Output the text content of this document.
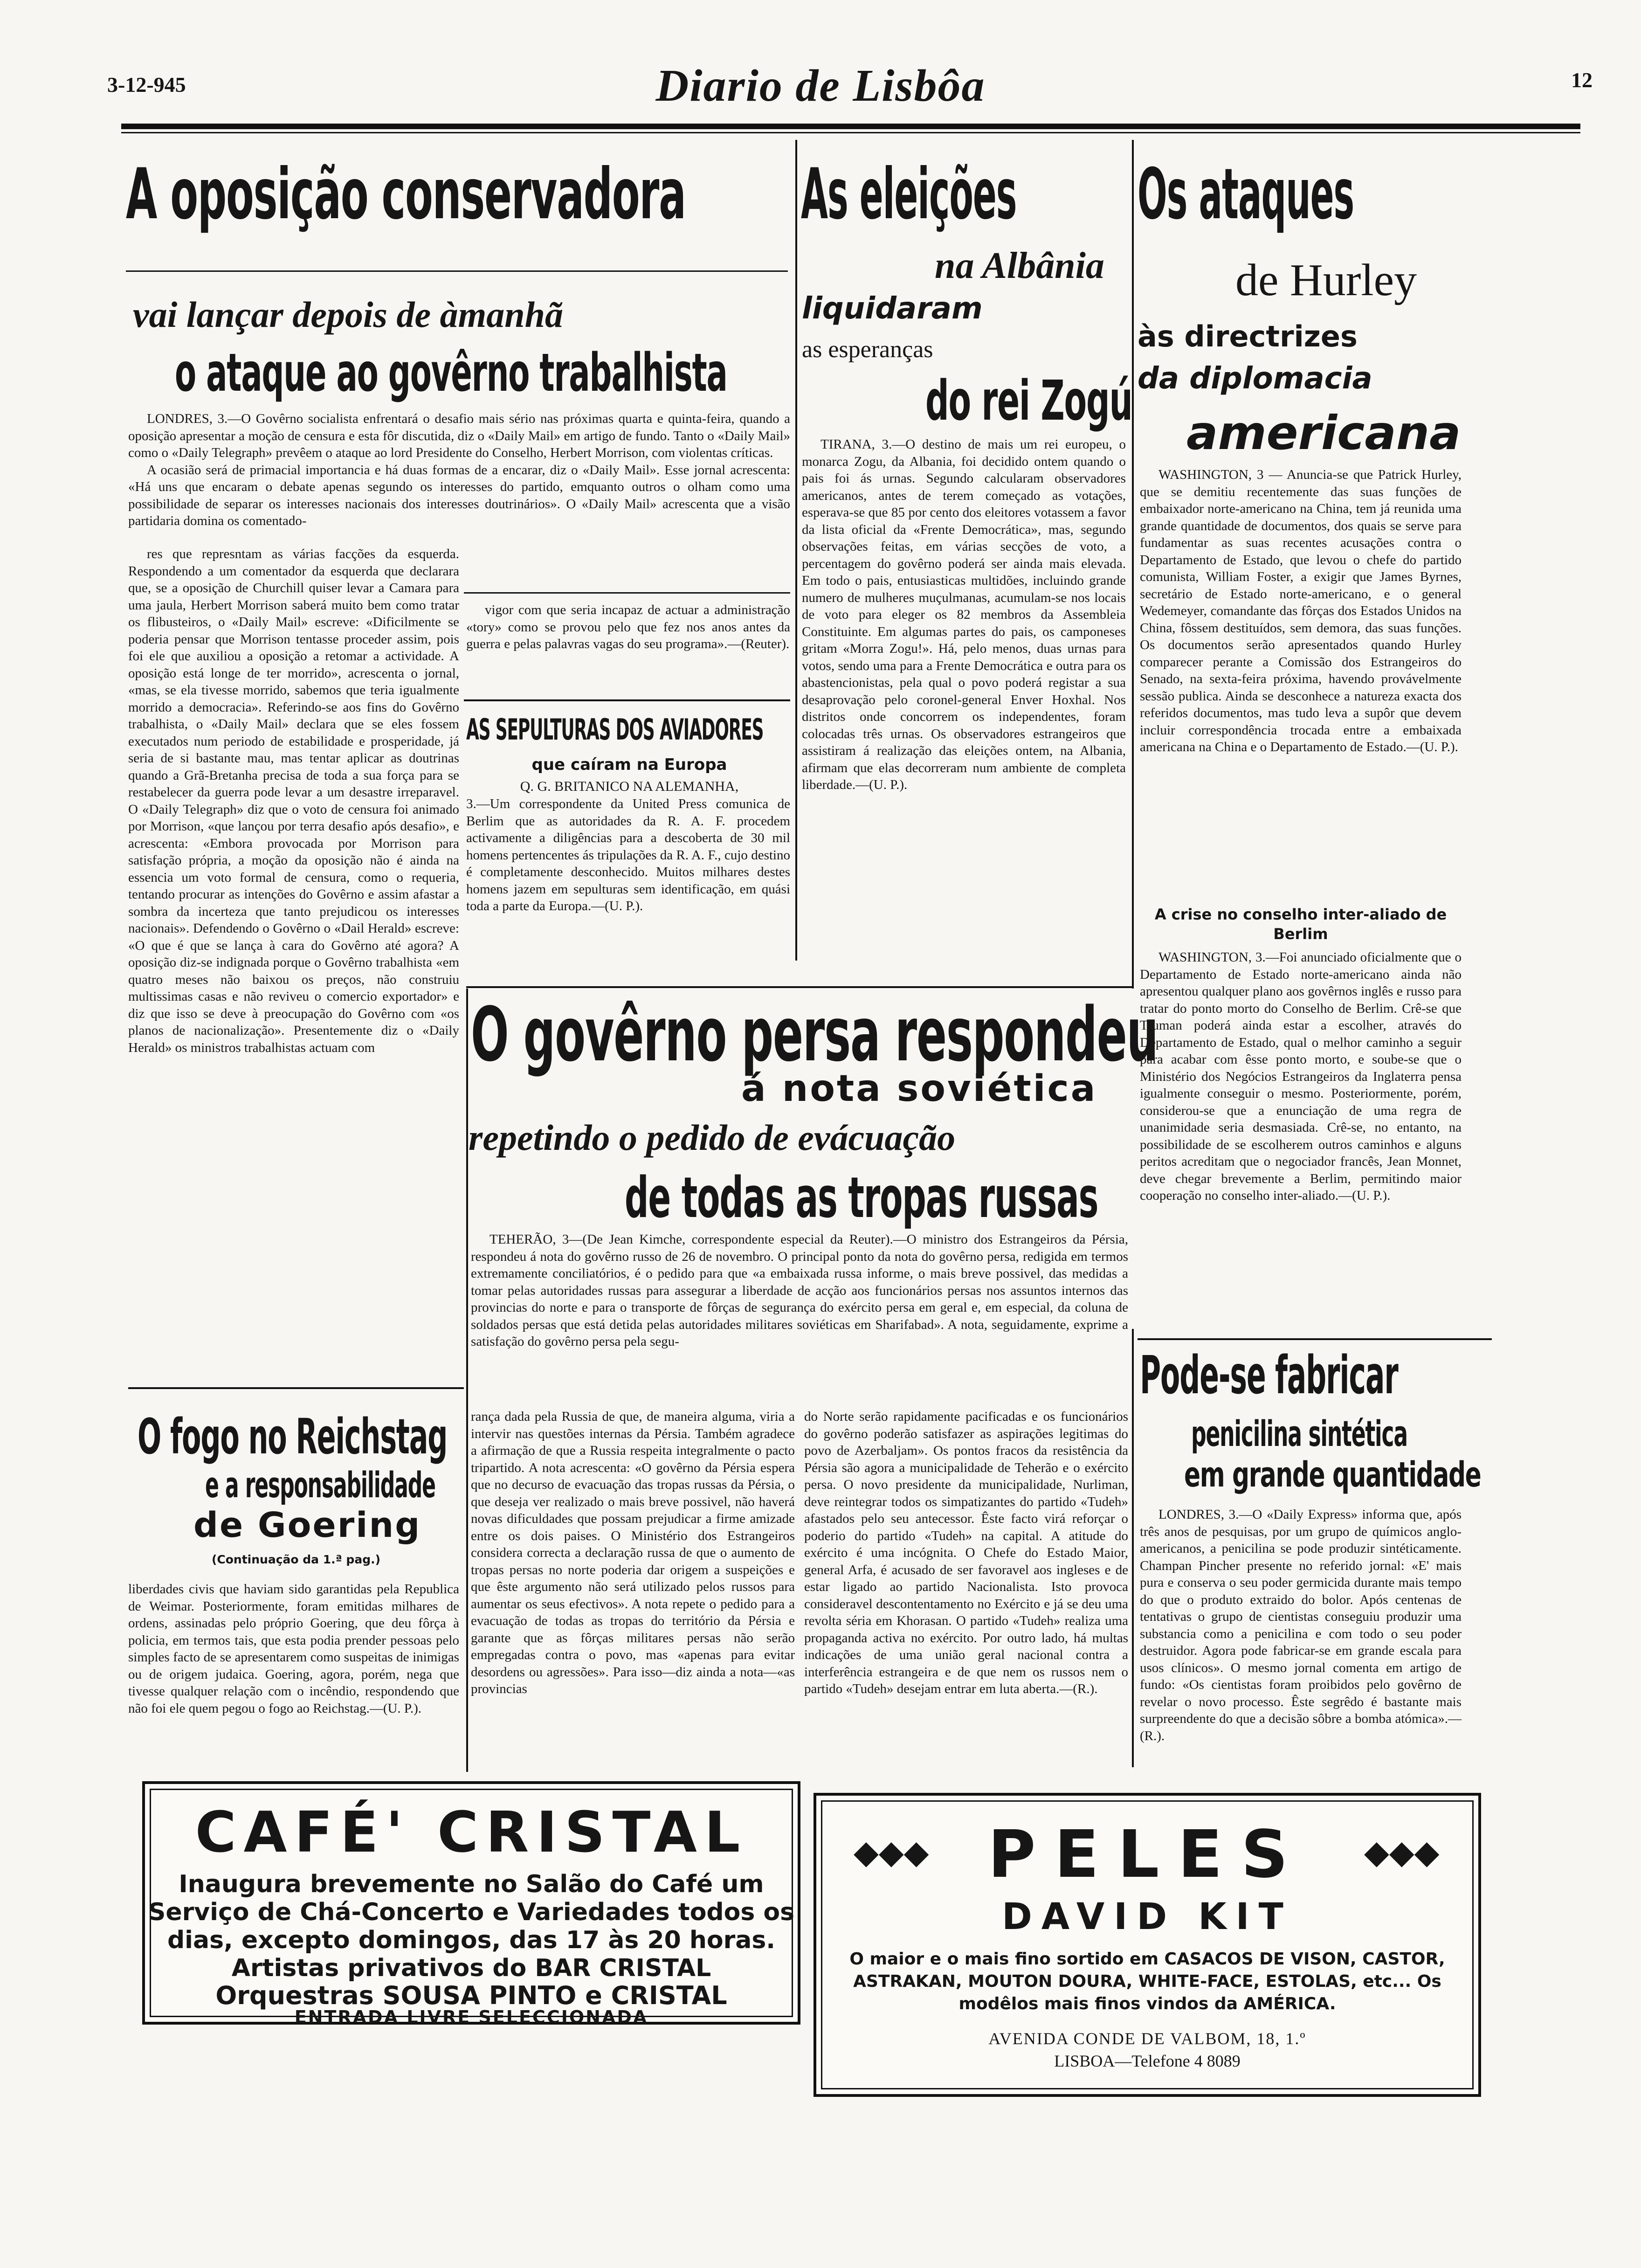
3-12-945	Diario de Lisbôa	12
A oposição conservadora
vai lançar depois de àmanhã
o ataque ao govêrno trabalhista

LONDRES, 3.—O Govêrno socialista enfrentará o desafio mais sério nas próximas quarta e quinta-feira, quando a oposição apresentar a moção de censura e esta fôr discutida, diz o «Daily Mail» em artigo de fundo. Tanto o «Daily Mail» como o «Daily Telegraph» prevêem o ataque ao lord Presidente do Conselho, Herbert Morrison, com violentas críticas.

A ocasião será de primacial importancia e há duas formas de a encarar, diz o «Daily Mail». Esse jornal acrescenta: «Há uns que encaram o debate apenas segundo os interesses do partido, emquanto outros o olham como uma possibilidade de separar os interesses nacionais dos interesses doutrinários». O «Daily Mail» acrescenta que a visão partidaria domina os comentado-

res que represntam as várias facções da esquerda. Respondendo a um comentador da esquerda que declarara que, se a oposição de Churchill quiser levar a Camara para uma jaula, Herbert Morrison saberá muito bem como tratar os flibusteiros, o «Daily Mail» escreve: «Dificilmente se poderia pensar que Morrison tentasse proceder assim, pois foi ele que auxiliou a oposição a retomar a actividade. A oposição está longe de ter morrido», acrescenta o jornal, «mas, se ela tivesse morrido, sabemos que teria igualmente morrido a democracia». Referindo-se aos fins do Govêrno trabalhista, o «Daily Mail» declara que se eles fossem executados num periodo de estabilidade e prosperidade, já seria de si bastante mau, mas tentar aplicar as doutrinas quando a Grã-Bretanha precisa de toda a sua força para se restabelecer da guerra pode levar a um desastre irreparavel. O «Daily Telegraph» diz que o voto de censura foi animado por Morrison, «que lançou por terra desafio após desafio», e acrescenta: «Embora provocada por Morrison para satisfação própria, a moção da oposição não é ainda na essencia um voto formal de censura, como o requeria, tentando procurar as intenções do Govêrno e assim afastar a sombra da incerteza que tanto prejudicou os interesses nacionais». Defendendo o Govêrno o «Dail Herald» escreve: «O que é que se lança à cara do Govêrno até agora? A oposição diz-se indignada porque o Govêrno trabalhista «em quatro meses não baixou os preços, não construiu multissimas casas e não reviveu o comercio exportador» e diz que isso se deve à preocupação do Govêrno com «os planos de nacionalização». Presentemente diz o «Daily Herald» os ministros trabalhistas actuam com

vigor com que seria incapaz de actuar a administração «tory» como se provou pelo que fez nos anos antes da guerra e pelas palavras vagas do seu programa».—(Reuter).

AS SEPULTURAS DOS AVIADORES
que caíram na Europa
Q. G. BRITANICO NA ALEMANHA,

3.—Um correspondente da United Press comunica de Berlim que as autoridades da R. A. F. procedem activamente a diligências para a descoberta de 30 mil homens pertencentes ás tripulações da R. A. F., cujo destino é completamente desconhecido. Muitos milhares destes homens jazem em sepulturas sem identificação, em quási toda a parte da Europa.—(U. P.).

O fogo no Reichstag
e a responsabilidade
de Goering
(Continuação da 1.ª pag.)

liberdades civis que haviam sido garantidas pela Republica de Weimar. Posteriormente, foram emitidas milhares de ordens, assinadas pelo próprio Goering, que deu fôrça à policia, em termos tais, que esta podia prender pessoas pelo simples facto de se apresentarem como suspeitas de inimigas ou de origem judaica. Goering, agora, porém, nega que tivesse qualquer relação com o incêndio, respondendo que não foi ele quem pegou o fogo ao Reichstag.—(U. P.).

As eleições
na Albânia
liquidaram
as esperanças
do rei Zogú

TIRANA, 3.—O destino de mais um rei europeu, o monarca Zogu, da Albania, foi decidido ontem quando o pais foi ás urnas. Segundo calcularam observadores americanos, antes de terem começado as votações, esperava-se que 85 por cento dos eleitores votassem a favor da lista oficial da «Frente Democrática», mas, segundo observações feitas, em várias secções de voto, a percentagem do govêrno poderá ser ainda mais elevada. Em todo o pais, entusiasticas multidões, incluindo grande numero de mulheres muçulmanas, acumulam-se nos locais de voto para eleger os 82 membros da Assembleia Constituinte. Em algumas partes do pais, os camponeses gritam «Morra Zogu!». Há, pelo menos, duas urnas para votos, sendo uma para a Frente Democrática e outra para os abastencionistas, pela qual o povo poderá registar a sua desaprovação pelo coronel-general Enver Hoxhal. Nos distritos onde concorrem os independentes, foram colocadas três urnas. Os observadores estrangeiros que assistiram á realização das eleições ontem, na Albania, afirmam que elas decorreram num ambiente de completa liberdade.—(U. P.).

Os ataques
de Hurley
às directrizes
da diplomacia
americana

WASHINGTON, 3 — Anuncia-se que Patrick Hurley, que se demitiu recentemente das suas funções de embaixador norte-americano na China, tem já reunida uma grande quantidade de documentos, dos quais se serve para fundamentar as suas recentes acusações contra o Departamento de Estado, que levou o chefe do partido comunista, William Foster, a exigir que James Byrnes, secretário de Estado norte-americano, e o general Wedemeyer, comandante das fôrças dos Estados Unidos na China, fôssem destituídos, sem demora, das suas funções. Os documentos serão apresentados quando Hurley comparecer perante a Comissão dos Estrangeiros do Senado, na sexta-feira próxima, havendo provávelmente sessão publica. Ainda se desconhece a natureza exacta dos referidos documentos, mas tudo leva a supôr que devem incluir correspondência trocada entre a embaixada americana na China e o Departamento de Estado.—(U. P.).

A crise no conselho inter-aliado de Berlim

WASHINGTON, 3.—Foi anunciado oficialmente que o Departamento de Estado norte-americano ainda não apresentou qualquer plano aos govêrnos inglês e russo para tratar do ponto morto do Conselho de Berlim. Crê-se que Truman poderá ainda estar a escolher, através do Departamento de Estado, qual o melhor caminho a seguir para acabar com êsse ponto morto, e soube-se que o Ministério dos Negócios Estrangeiros da Inglaterra pensa igualmente conseguir o mesmo. Posteriormente, porém, considerou-se que a enunciação de uma regra de unanimidade seria desmasiada. Crê-se, no entanto, na possibilidade de se escolherem outros caminhos e alguns peritos acreditam que o negociador francês, Jean Monnet, deve chegar brevemente a Berlim, permitindo maior cooperação no conselho inter-aliado.—(U. P.).

O govêrno persa respondeu
á nota soviética
repetindo o pedido de evácuação
de todas as tropas russas

TEHERÃO, 3—(De Jean Kimche, correspondente especial da Reuter).—O ministro dos Estrangeiros da Pérsia, respondeu á nota do govêrno russo de 26 de novembro. O principal ponto da nota do govêrno persa, redigida em termos extremamente conciliatórios, é o pedido para que «a embaixada russa informe, o mais breve possivel, das medidas a tomar pelas autoridades russas para assegurar a liberdade de acção aos funcionários persas nos assuntos internos das provincias do norte e para o transporte de fôrças de segurança do exército persa em geral e, em especial, da coluna de soldados persas que está detida pelas autoridades militares soviéticas em Sharifabad». A nota, seguidamente, exprime a satisfação do govêrno persa pela segu-

rança dada pela Russia de que, de maneira alguma, viria a intervir nas questões internas da Pérsia. Também agradece a afirmação de que a Russia respeita integralmente o pacto tripartido. A nota acrescenta: «O govêrno da Pérsia espera que no decurso de evacuação das tropas russas da Pérsia, o que deseja ver realizado o mais breve possivel, não haverá novas dificuldades que possam prejudicar a firme amizade entre os dois paises. O Ministério dos Estrangeiros considera correcta a declaração russa de que o aumento de tropas persas no norte poderia dar origem a suspeições e que êste argumento não será utilizado pelos russos para aumentar os seus efectivos». A nota repete o pedido para a evacuação de todas as tropas do território da Pérsia e garante que as fôrças militares persas não serão empregadas contra o povo, mas «apenas para evitar desordens ou agressões». Para isso—diz ainda a nota—«as provincias

do Norte serão rapidamente pacificadas e os funcionários do govêrno poderão satisfazer as aspirações legitimas do povo de Azerbaljam». Os pontos fracos da resistência da Pérsia são agora a municipalidade de Teherão e o exército persa. O novo presidente da municipalidade, Nurliman, deve reintegrar todos os simpatizantes do partido «Tudeh» afastados pelo seu antecessor. Êste facto virá reforçar o poderio do partido «Tudeh» na capital. A atitude do exército é uma incógnita. O Chefe do Estado Maior, general Arfa, é acusado de ser favoravel aos ingleses e de estar ligado ao partido Nacionalista. Isto provoca consideravel descontentamento no Exército e já se deu uma revolta séria em Khorasan. O partido «Tudeh» realiza uma propaganda activa no exército. Por outro lado, há multas indicações de uma união geral nacional contra a interferência estrangeira e de que nem os russos nem o partido «Tudeh» desejam entrar em luta aberta.—(R.).

Pode-se fabricar
penicilina sintética
em grande quantidade

LONDRES, 3.—O «Daily Express» informa que, após três anos de pesquisas, por um grupo de químicos anglo-americanos, a penicilina se pode produzir sintéticamente. Champan Pincher presente no referido jornal: «E' mais pura e conserva o seu poder germicida durante mais tempo do que o produto extraido do bolor. Após centenas de tentativas o grupo de cientistas conseguiu produzir uma substancia como a penicilina e com todo o seu poder destruidor. Agora pode fabricar-se em grande escala para usos clínicos». O mesmo jornal comenta em artigo de fundo: «Os cientistas foram proibidos pelo govêrno de revelar o novo processo. Êste segrêdo é bastante mais surpreendente do que a decisão sôbre a bomba atómica».—(R.).

CAFÉ' CRISTAL
Inaugura brevemente no Salão do Café um
Serviço de Chá-Concerto e Variedades todos os
dias, excepto domingos, das 17 às 20 horas.
Artistas privativos do BAR CRISTAL
Orquestras SOUSA PINTO e CRISTAL
ENTRADA LIVRE SELECCIONADA
◆◆◆ PELES	◆◆◆
DAVID KIT
O maior e o mais fino sortido em CASACOS DE VISON, CASTOR,
ASTRAKAN, MOUTON DOURA, WHITE-FACE, ESTOLAS, etc... Os
modêlos mais finos vindos da AMÉRICA.
AVENIDA CONDE DE VALBOM, 18, 1.º
LISBOA—Telefone 4 8089
